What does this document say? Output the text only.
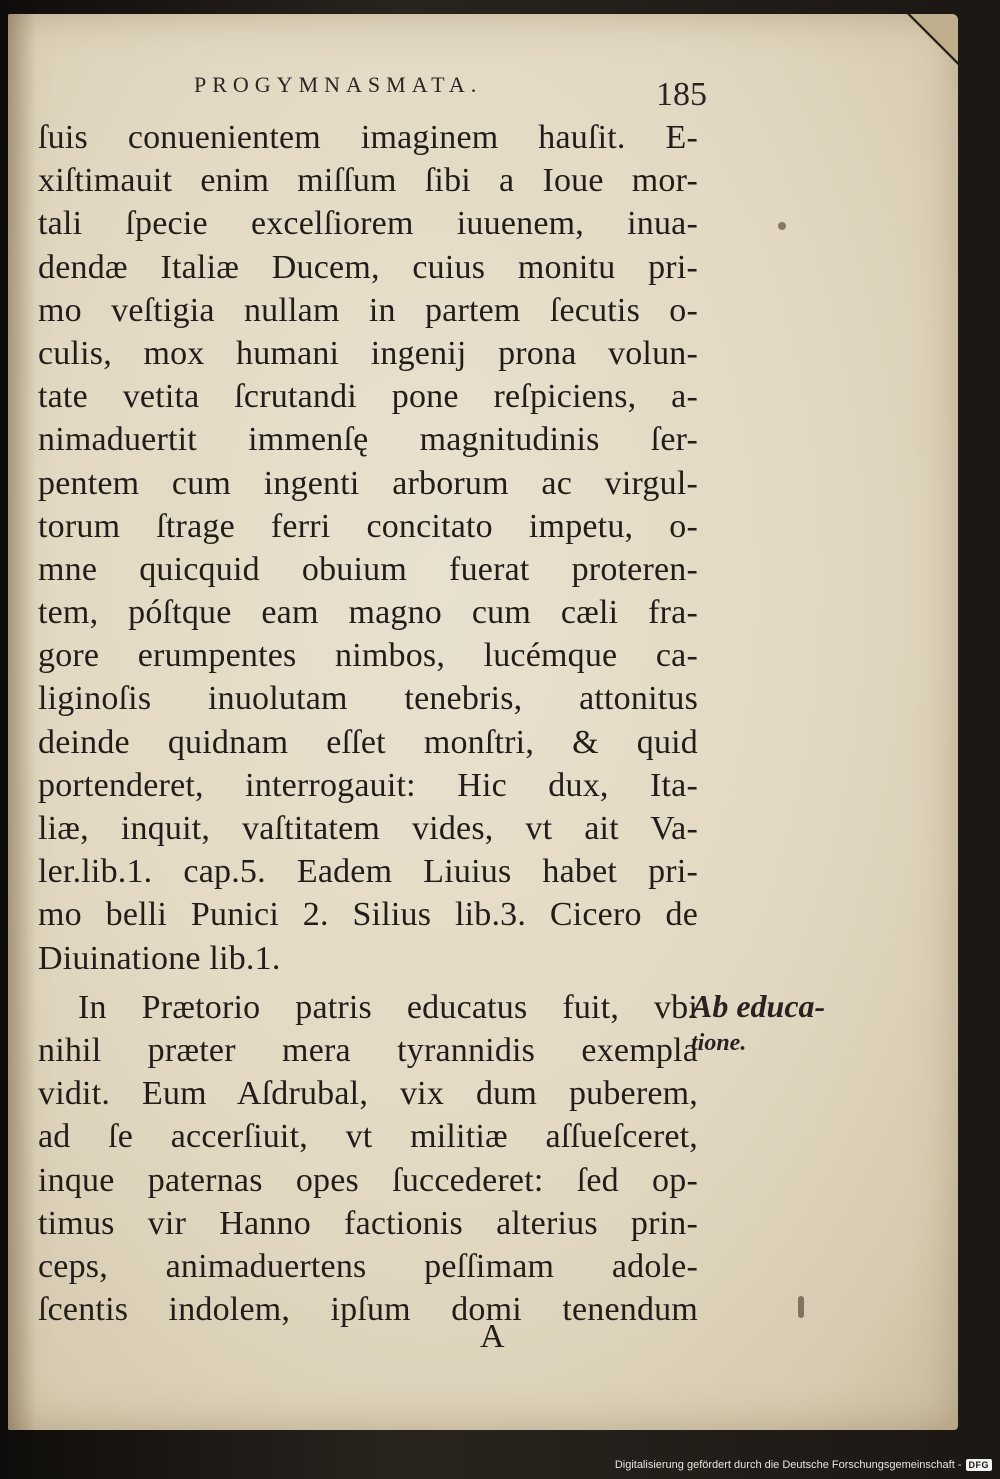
PROGYMNASMATA.	185
ſuis conuenientem imaginem hauſit. E-
xiſtimauit enim miſſum ſibi a Ioue mor-
tali ſpecie excelſiorem iuuenem, inua-
dendæ Italiæ Ducem, cuius monitu pri-
mo veſtigia nullam in partem ſecutis o-
culis, mox humani ingenij prona volun-
tate vetita ſcrutandi pone reſpiciens, a-
nimaduertit immenſę magnitudinis ſer-
pentem cum ingenti arborum ac virgul-
torum ſtrage ferri concitato impetu, o-
mne quicquid obuium fuerat proteren-
tem, póſtque eam magno cum cæli fra-
gore erumpentes nimbos, lucémque ca-
liginoſis inuolutam tenebris, attonitus
deinde quidnam eſſet monſtri, & quid
portenderet, interrogauit: Hic dux, Ita-
liæ, inquit, vaſtitatem vides, vt ait Va-
ler.lib.1. cap.5. Eadem Liuius habet pri-
mo belli Punici 2. Silius lib.3. Cicero de
Diuinatione lib.1.
In Prætorio patris educatus fuit, vbi
nihil præter mera tyrannidis exempla
vidit. Eum Aſdrubal, vix dum puberem,
ad ſe accerſiuit, vt militiæ aſſueſceret,
inque paternas opes ſuccederet: ſed op-
timus vir Hanno factionis alterius prin-
ceps, animaduertens peſſimam adole-
ſcentis indolem, ipſum domi tenendum
Ab educa-
tione.
A
Digitalisierung gefördert durch die Deutsche Forschungsgemeinschaft - DFG
